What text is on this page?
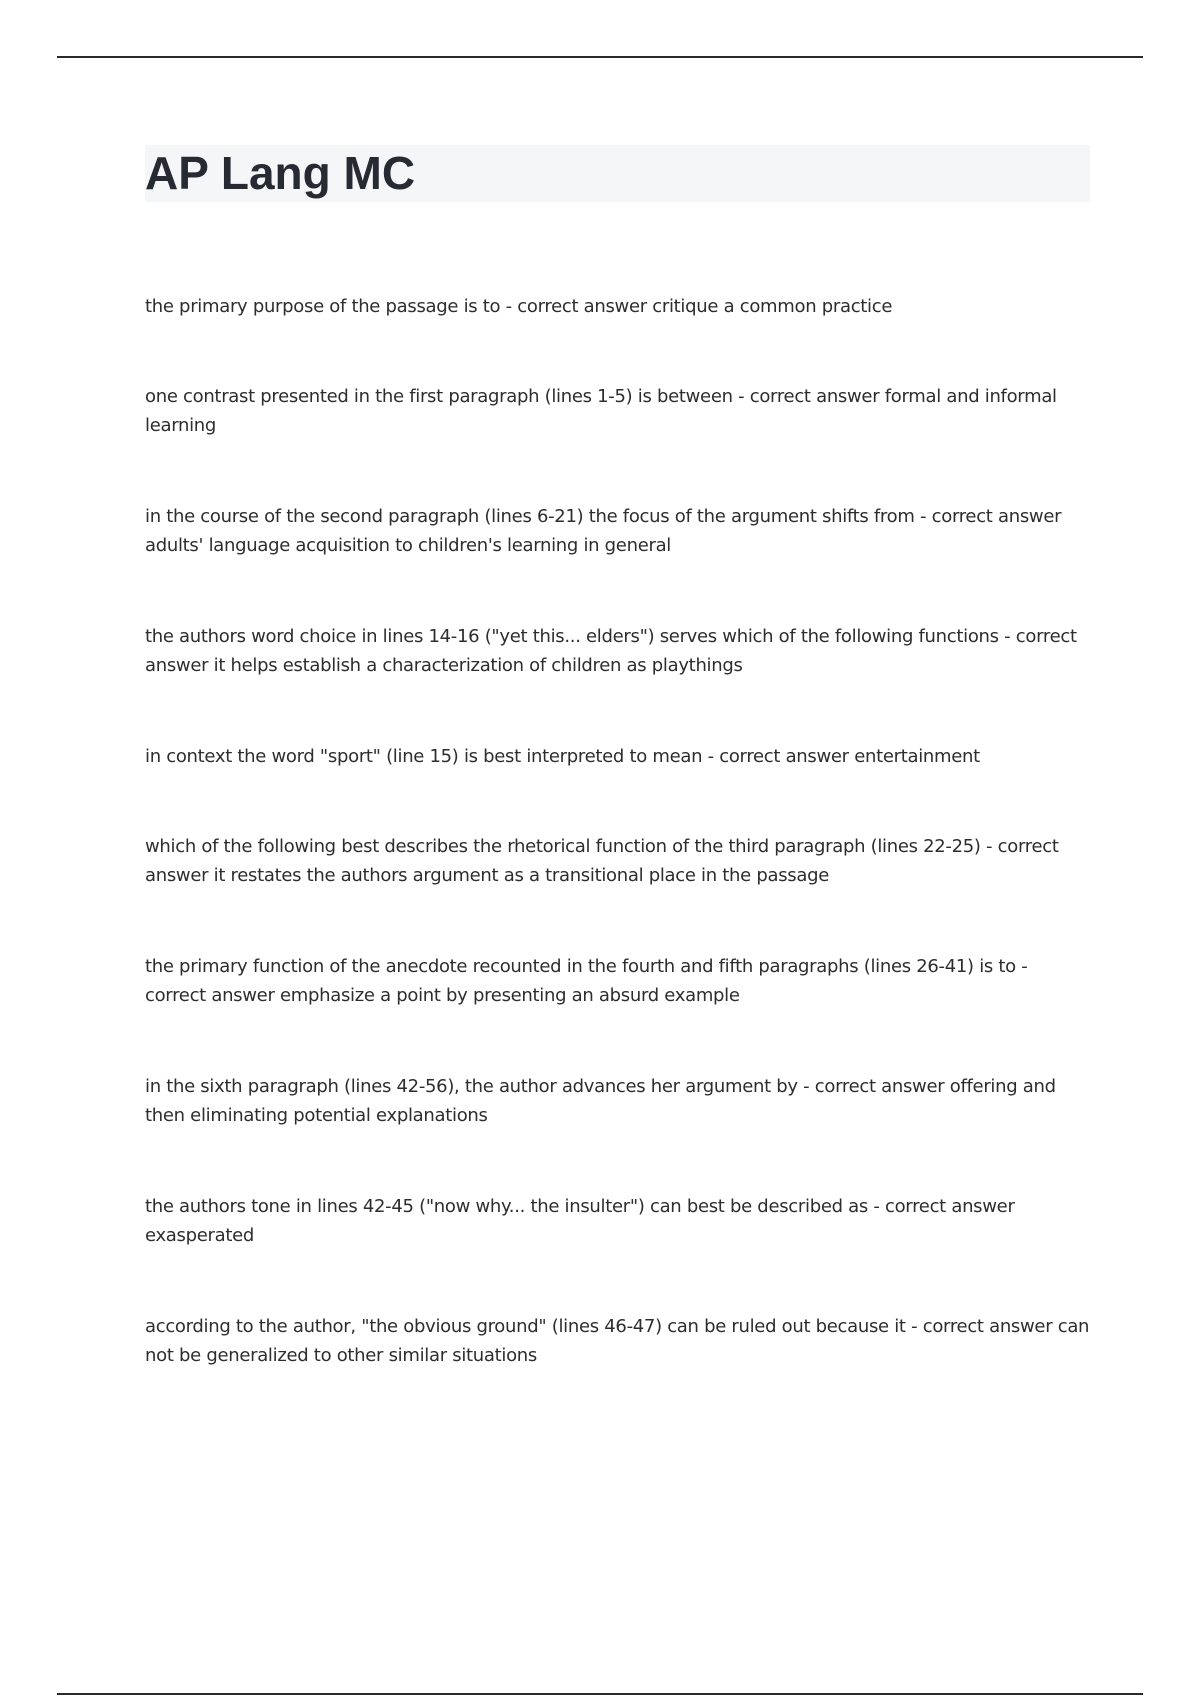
AP Lang MC
the primary purpose of the passage is to - correct answer critique a common practice
one contrast presented in the first paragraph (lines 1-5) is between - correct answer formal and informal learning
in the course of the second paragraph (lines 6-21) the focus of the argument shifts from - correct answer adults' language acquisition to children's learning in general
the authors word choice in lines 14-16 ("yet this... elders") serves which of the following functions - correct answer it helps establish a characterization of children as playthings
in context the word "sport" (line 15) is best interpreted to mean - correct answer entertainment
which of the following best describes the rhetorical function of the third paragraph (lines 22-25) - correct answer it restates the authors argument as a transitional place in the passage
the primary function of the anecdote recounted in the fourth and fifth paragraphs (lines 26-41) is to - correct answer emphasize a point by presenting an absurd example
in the sixth paragraph (lines 42-56), the author advances her argument by - correct answer offering and then eliminating potential explanations
the authors tone in lines 42-45 ("now why... the insulter") can best be described as - correct answer exasperated
according to the author, "the obvious ground" (lines 46-47) can be ruled out because it - correct answer can not be generalized to other similar situations
